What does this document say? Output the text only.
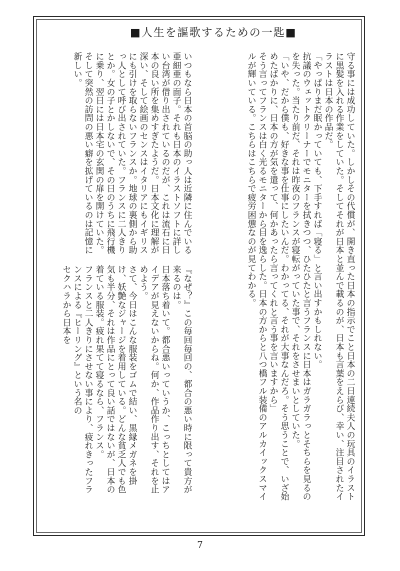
■人生を謳歌するための一匙■

いつもなら日本の首脳の助っ人は近隣に住んでいる亜細亜の面子。それも日本のイラストソフトに詳しい台湾が借り出されているのだが、これは流石に日本の良い所を集めすぎたようだ。日本文化に理解が深い、そして絵画のセンスはイタリアにもイギリスにも引けを取らないフランスか。地球の裏側から助っ人として呼び出されていた。フランスに二人きりとか。女の子とかしないで、その日のうちに飛行機に乗り、翌日には日本宅の玄関の扉を開けていた。そして突然の訪問の悪い癖を拡げているのは記憶に新しい。

『なぜ？』この毎回毎回の、都合の悪い時に限って貴方が来るのは。
日本落ち着いて。都合悪いっていうか、こっちとしてはアイデアが見えないからね。何か、作品作り出す、それを止めよう。
さて、今日はこんな服装をゴムで結い、黒縁メガネを掛け、妖艶なジャージを着用している。どんな貧乏人でも色気も半分、それは作品にとって良い話ではないが、日本の着ている服装。疲れ果てて寝るなら、フランス。
フランスと二人きりにさせない事により、疲れきったフランスによる『ヒーリング』という名の

セクハラから日本を	守る事には成功していた。しかしその代償が、開き直った日本の指示でこと日本の二日連続夫人の玩具のイラストに黒髪を入れる作業をしていた。そしてそれが日本と並んで載るのが、日本も言葉をえらび、幸い、注目されたイラストは日本の作品だ。
「やっぱりまだ眠かっていても、下手すれば「寝る」と言い出すかもしれない。
抗議のウェットクリーナーでモニターを拭きつつ、ひたひたと言うフランスに日本はガラガラっとそちらを見るのを失った。当たり前だ、それは昨夜のフランスが寝転がっていた事で、それをさせまいとしていた。
「いや、だから僕も、好きな事を仕事にしたいんだ。わかってる、それが大事なんだろ。そう思うことで、いざ始めたばかりに、日本の方が気を遣って、何かあったら言ってくれと言う事を言いますから」
そう言ってフランスは白く光るモニターから目を逸らした。日本の方からと八つ橋フル装備のアルカイックスマイルが輝いている。こちらはこちらで疲労困憊なのが見てわかる。

7
